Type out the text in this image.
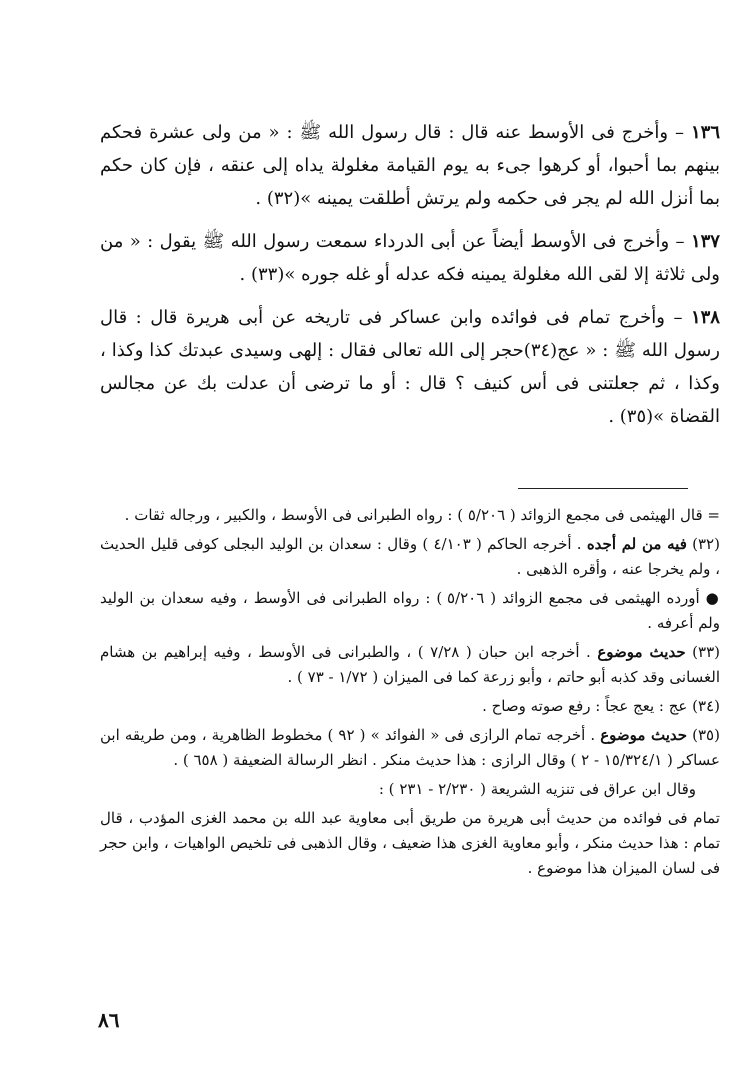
١٣٦ – وأخرج فى الأوسط عنه قال : قال رسول الله ﷺ : « من ولى عشرة فحكم بينهم بما أحبوا، أو كرهوا جىء به يوم القيامة مغلولة يداه إلى عنقه ، فإن كان حكم بما أنزل الله لم يجر فى حكمه ولم يرتش أطلقت يمينه »(٣٢) .

١٣٧ – وأخرج فى الأوسط أيضاً عن أبى الدرداء سمعت رسول الله ﷺ يقول : « من ولى ثلاثة إلا لقى الله مغلولة يمينه فكه عدله أو غله جوره »(٣٣) .

١٣٨ – وأخرج تمام فى فوائده وابن عساكر فى تاريخه عن أبى هريرة قال : قال رسول الله ﷺ : « عج(٣٤)حجر إلى الله تعالى فقال : إلهى وسيدى عبدتك كذا وكذا ، وكذا ، ثم جعلتنى فى أس كنيف ؟ قال : أو ما ترضى أن عدلت بك عن مجالس القضاة »(٣٥) .

= قال الهيثمى فى مجمع الزوائد ( ٥/٢٠٦ ) : رواه الطبرانى فى الأوسط ، والكبير ، ورجاله ثقات .

(٣٢) فيه من لم أجده . أخرجه الحاكم ( ٤/١٠٣ ) وقال : سعدان بن الوليد البجلى كوفى قليل الحديث ، ولم يخرجا عنه ، وأقره الذهبى .

● أورده الهيثمى فى مجمع الزوائد ( ٥/٢٠٦ ) : رواه الطبرانى فى الأوسط ، وفيه سعدان بن الوليد ولم أعرفه .

(٣٣) حديث موضوع . أخرجه ابن حبان ( ٧/٢٨ ) ، والطبرانى فى الأوسط ، وفيه إبراهيم بن هشام الغسانى وقد كذبه أبو حاتم ، وأبو زرعة كما فى الميزان ( ١/٧٢ - ٧٣ ) .

(٣٤) عج : يعج عجاً : رفع صوته وصاح .

(٣٥) حديث موضوع . أخرجه تمام الرازى فى « الفوائد » ( ٩٢ ) مخطوط الظاهرية ، ومن طريقه ابن عساكر ( ١٥/٣٢٤/١ - ٢ ) وقال الرازى : هذا حديث منكر . انظر الرسالة الضعيفة ( ٦٥٨ ) .

وقال ابن عراق فى تنزيه الشريعة ( ٢/٢٣٠ - ٢٣١ ) :

تمام فى فوائده من حديث أبى هريرة من طريق أبى معاوية عبد الله بن محمد الغزى المؤدب ، قال تمام : هذا حديث منكر ، وأبو معاوية الغزى هذا ضعيف ، وقال الذهبى فى تلخيص الواهيات ، وابن حجر فى لسان الميزان هذا موضوع .

٨٦
